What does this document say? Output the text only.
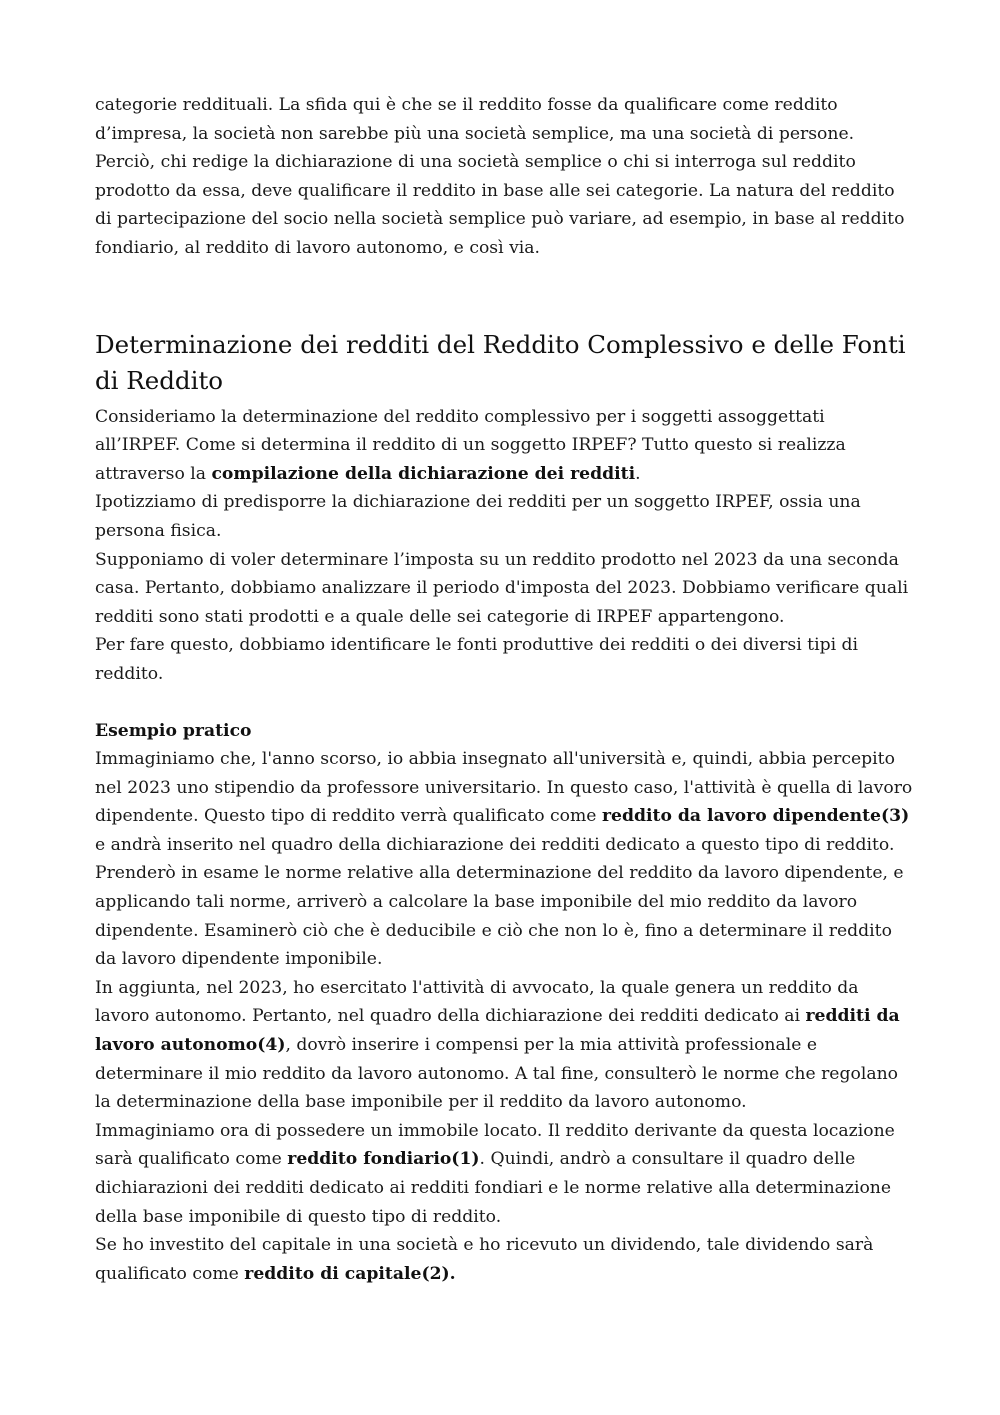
categorie reddituali. La sfida qui è che se il reddito fosse da qualificare come reddito d’impresa, la società non sarebbe più una società semplice, ma una società di persone. Perciò, chi redige la dichiarazione di una società semplice o chi si interroga sul reddito prodotto da essa, deve qualificare il reddito in base alle sei categorie. La natura del reddito di partecipazione del socio nella società semplice può variare, ad esempio, in base al reddito fondiario, al reddito di lavoro autonomo, e così via.

Determinazione dei redditi del Reddito Complessivo e delle Fonti di Reddito

Consideriamo la determinazione del reddito complessivo per i soggetti assoggettati all’IRPEF. Come si determina il reddito di un soggetto IRPEF? Tutto questo si realizza attraverso la compilazione della dichiarazione dei redditi.

Ipotizziamo di predisporre la dichiarazione dei redditi per un soggetto IRPEF, ossia una persona fisica.

Supponiamo di voler determinare l’imposta su un reddito prodotto nel 2023 da una seconda casa. Pertanto, dobbiamo analizzare il periodo d'imposta del 2023. Dobbiamo verificare quali redditi sono stati prodotti e a quale delle sei categorie di IRPEF appartengono.

Per fare questo, dobbiamo identificare le fonti produttive dei redditi o dei diversi tipi di reddito.

Esempio pratico

Immaginiamo che, l'anno scorso, io abbia insegnato all'università e, quindi, abbia percepito nel 2023 uno stipendio da professore universitario. In questo caso, l'attività è quella di lavoro dipendente. Questo tipo di reddito verrà qualificato come reddito da lavoro dipendente(3) e andrà inserito nel quadro della dichiarazione dei redditi dedicato a questo tipo di reddito.

Prenderò in esame le norme relative alla determinazione del reddito da lavoro dipendente, e applicando tali norme, arriverò a calcolare la base imponibile del mio reddito da lavoro dipendente. Esaminerò ciò che è deducibile e ciò che non lo è, fino a determinare il reddito da lavoro dipendente imponibile.

In aggiunta, nel 2023, ho esercitato l'attività di avvocato, la quale genera un reddito da lavoro autonomo. Pertanto, nel quadro della dichiarazione dei redditi dedicato ai redditi da lavoro autonomo(4), dovrò inserire i compensi per la mia attività professionale e determinare il mio reddito da lavoro autonomo. A tal fine, consulterò le norme che regolano la determinazione della base imponibile per il reddito da lavoro autonomo.

Immaginiamo ora di possedere un immobile locato. Il reddito derivante da questa locazione sarà qualificato come reddito fondiario(1). Quindi, andrò a consultare il quadro delle dichiarazioni dei redditi dedicato ai redditi fondiari e le norme relative alla determinazione della base imponibile di questo tipo di reddito.

Se ho investito del capitale in una società e ho ricevuto un dividendo, tale dividendo sarà qualificato come reddito di capitale(2).
